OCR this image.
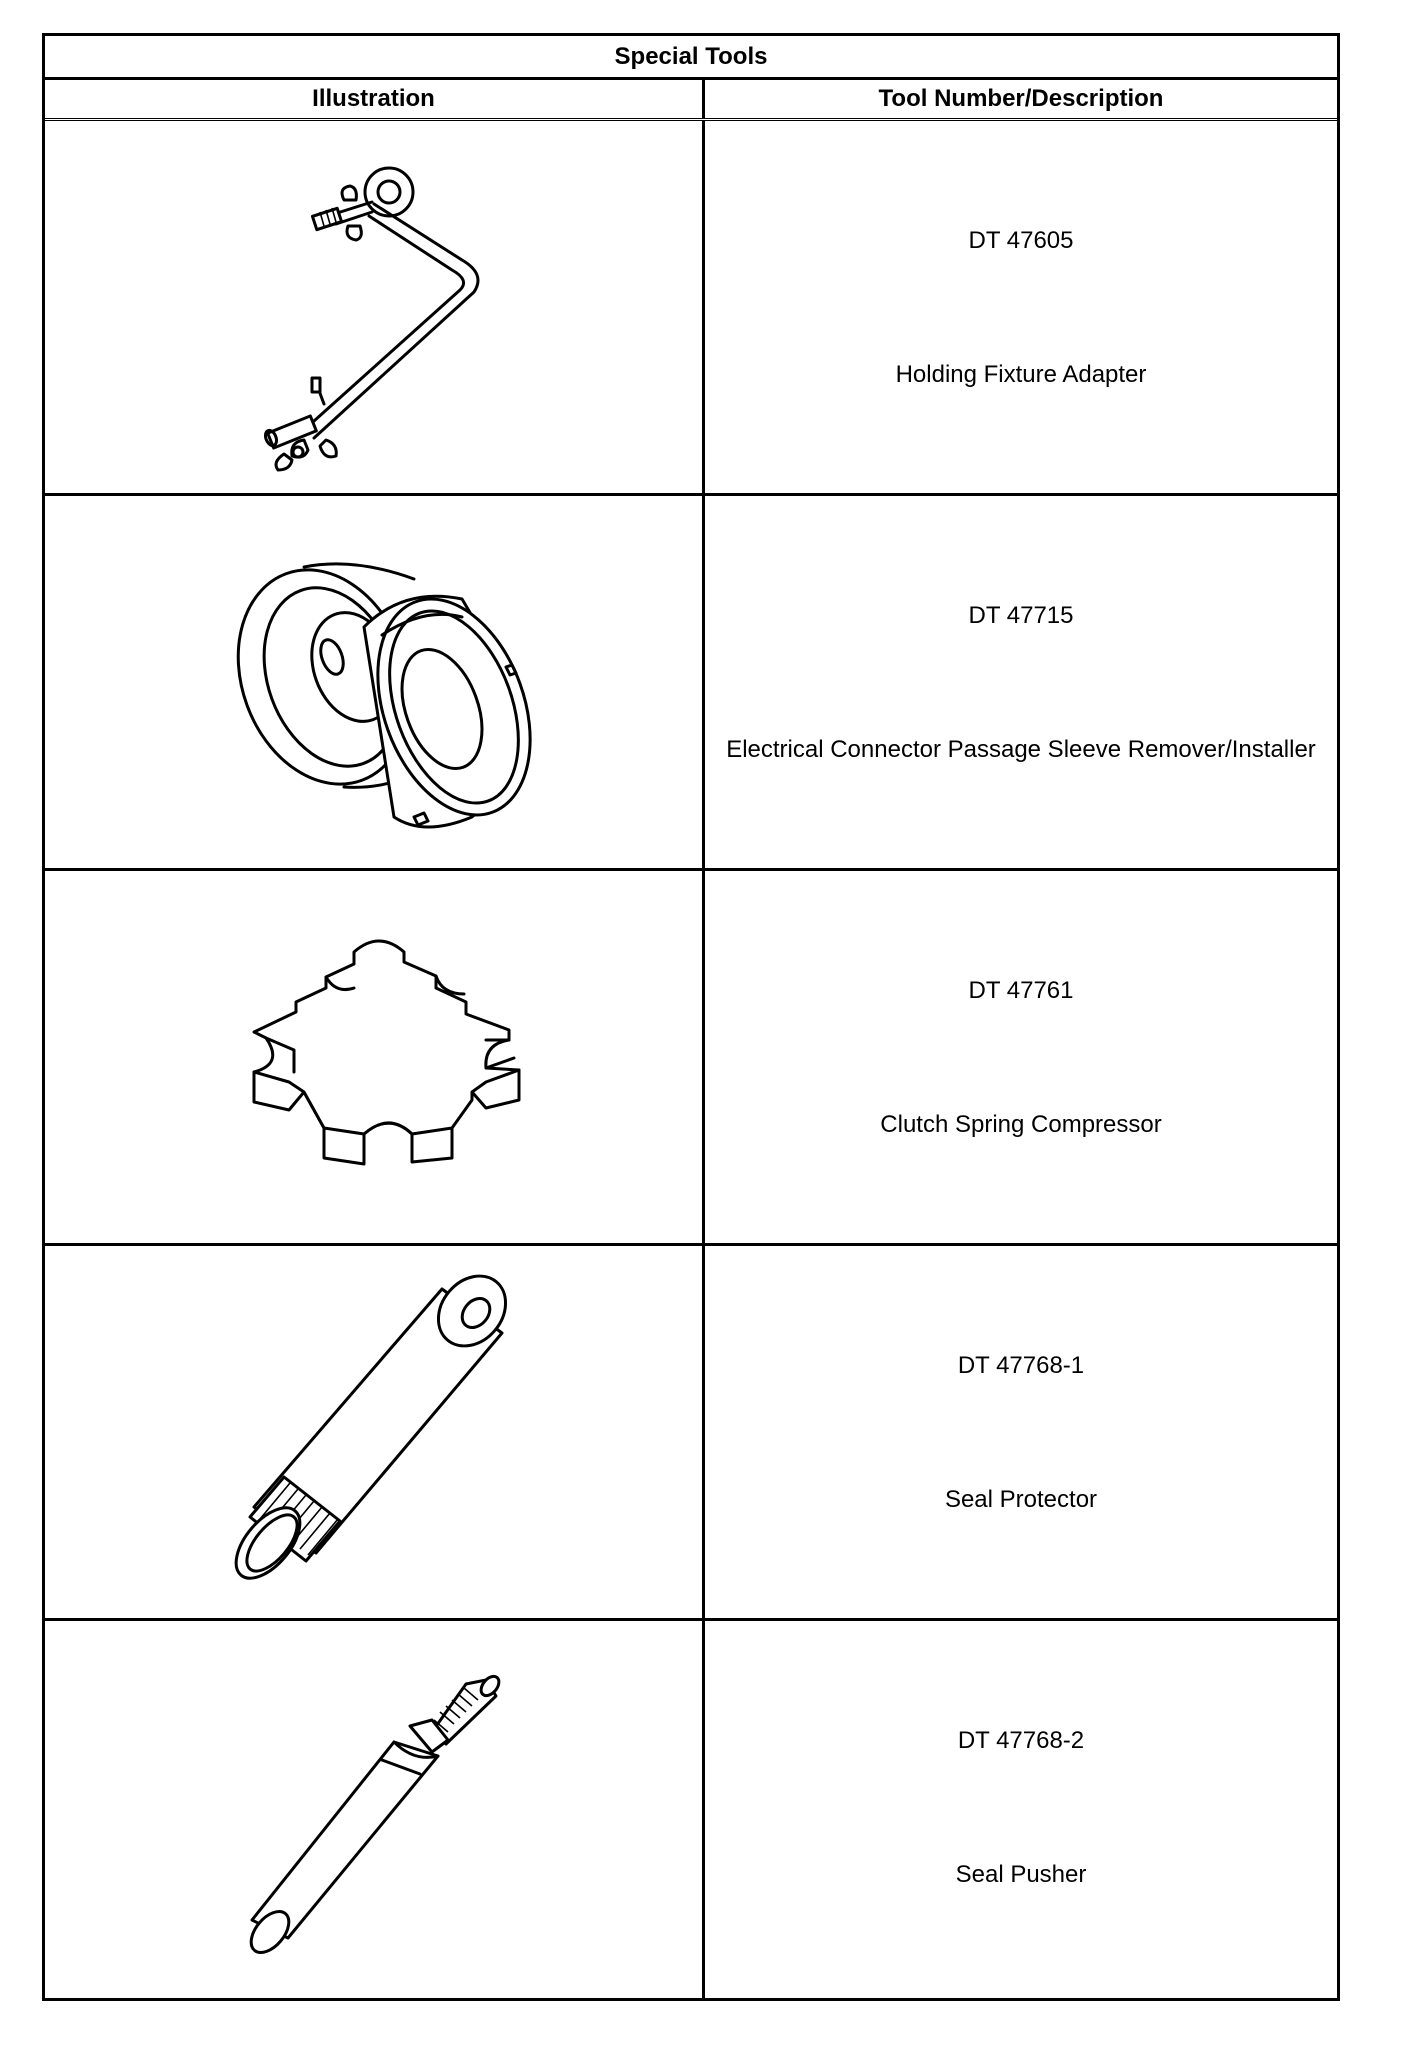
Special Tools
Illustration	Tool Number/Description
DT 47605
Holding Fixture Adapter
DT 47715
Electrical Connector Passage Sleeve Remover/Installer
DT 47761
Clutch Spring Compressor
DT 47768-1
Seal Protector
DT 47768-2
Seal Pusher
